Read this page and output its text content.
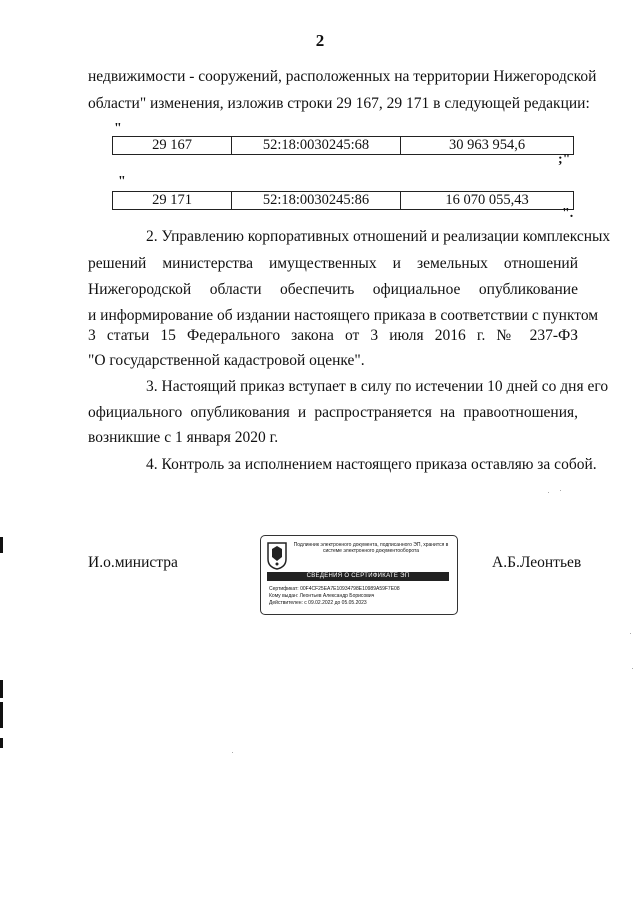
2
недвижимости - сооружений, расположенных на территории Нижегородской
области" изменения, изложив строки 29 167, 29 171 в следующей редакции:
"
29 167	52:18:0030245:68	30 963 954,6
;"
"
29 171	52:18:0030245:86	16 070 055,43
".
2. Управлению корпоративных отношений и реализации комплексных
решений министерства имущественных и земельных отношений
Нижегородской области обеспечить официальное опубликование
и информирование об издании настоящего приказа в соответствии с пунктом
3 статьи 15 Федерального закона от 3 июля 2016 г. № 237-ФЗ
"О государственной кадастровой оценке".
3. Настоящий приказ вступает в силу по истечении 10 дней со дня его
официального опубликования и распространяется на правоотношения,
возникшие с 1 января 2020 г.
4. Контроль за исполнением настоящего приказа оставляю за собой.
И.о.министра	А.Б.Леонтьев
Подлинник электронного документа, подписанного ЭП, хранится в системе электронного документооборота
СВЕДЕНИЯ О СЕРТИФИКАТЕ ЭП
Сертификат: 00F4CF25EA7E10934798E10989A59F7E08
Кому выдан: Леонтьев Александр Борисович
Действителен: с 09.02.2022 до 05.05.2023
